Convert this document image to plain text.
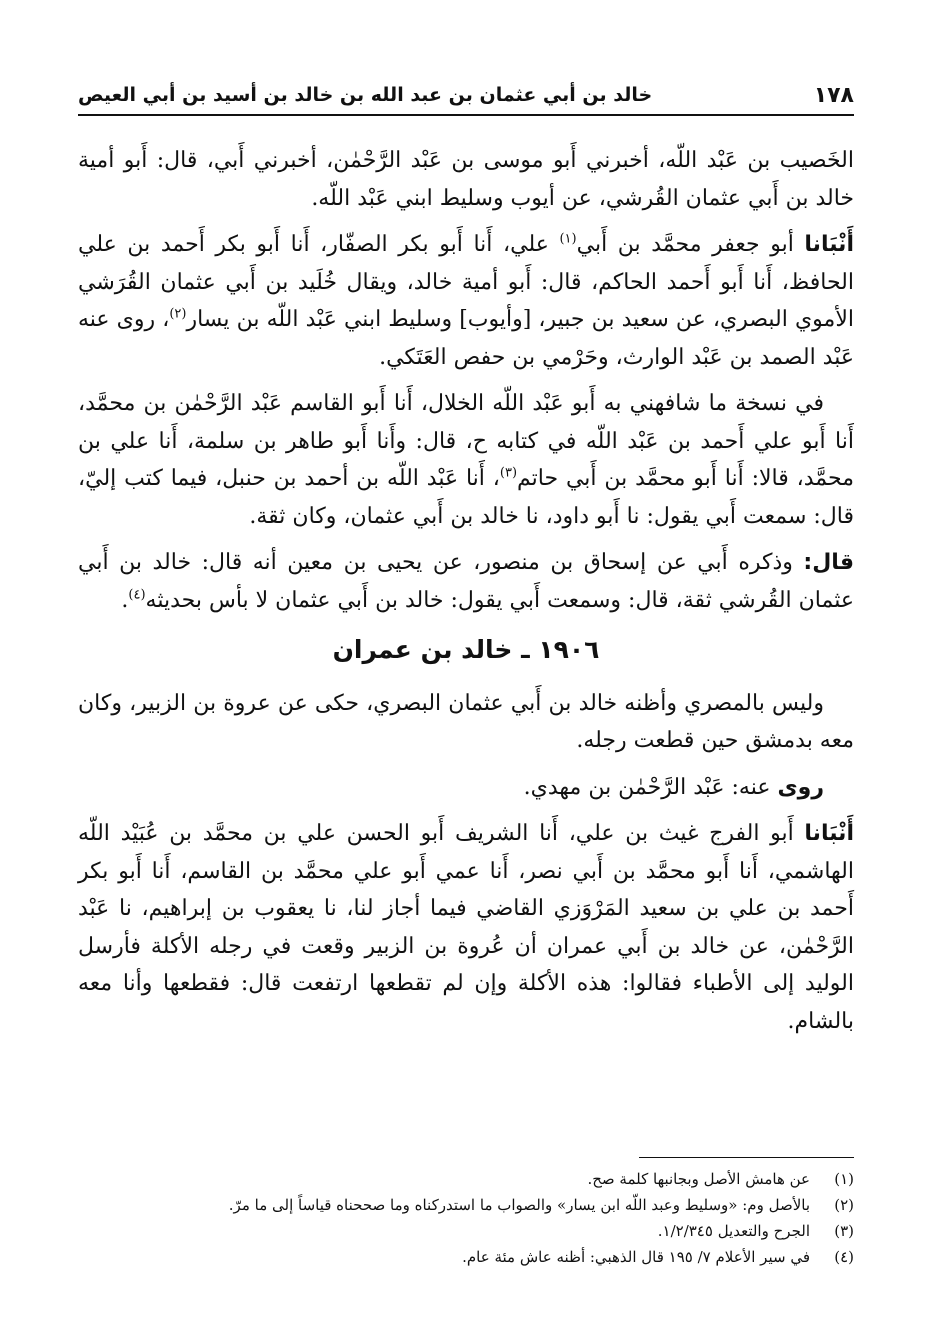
١٧٨
خالد بن أبي عثمان بن عبد الله بن خالد بن أسيد بن أبي العيص

الخَصيب بن عَبْد اللّه، أخبرني أَبو موسى بن عَبْد الرَّحْمٰن، أخبرني أَبي، قال: أَبو أمية خالد بن أَبي عثمان القُرشي، عن أيوب وسليط ابني عَبْد اللّه.

أَنْبَانا أبو جعفر محمَّد بن أَبي$^{(١)}$ علي، أَنا أَبو بكر الصفّار، أَنا أَبو بكر أَحمد بن علي الحافظ، أَنا أَبو أَحمد الحاكم، قال: أَبو أمية خالد، ويقال خُلَيد بن أَبي عثمان القُرَشي الأموي البصري، عن سعيد بن جبير، [وأيوب] وسليط ابني عَبْد اللّه بن يسار$^{(٢)}$، روى عنه عَبْد الصمد بن عَبْد الوارث، وحَرْمي بن حفص العَتَكي.

في نسخة ما شافهني به أَبو عَبْد اللّه الخلال، أَنا أَبو القاسم عَبْد الرَّحْمٰن بن محمَّد، أَنا أَبو علي أَحمد بن عَبْد اللّه في كتابه ح، قال: وأَنا أَبو طاهر بن سلمة، أَنا علي بن محمَّد، قالا: أَنا أَبو محمَّد بن أَبي حاتم$^{(٣)}$، أَنا عَبْد اللّه بن أحمد بن حنبل، فيما كتب إليّ، قال: سمعت أَبي يقول: نا أَبو داود، نا خالد بن أَبي عثمان، وكان ثقة.

قال: وذكره أَبي عن إسحاق بن منصور، عن يحيى بن معين أنه قال: خالد بن أَبي عثمان القُرشي ثقة، قال: وسمعت أَبي يقول: خالد بن أَبي عثمان لا بأس بحديثه$^{(٤)}$.

١٩٠٦ ـ خالد بن عمران

وليس بالمصري وأظنه خالد بن أَبي عثمان البصري، حكى عن عروة بن الزبير، وكان معه بدمشق حين قطعت رجله.

روى عنه: عَبْد الرَّحْمٰن بن مهدي.

أَنْبَانا أَبو الفرج غيث بن علي، أَنا الشريف أَبو الحسن علي بن محمَّد بن عُبَيْد اللّه الهاشمي، أَنا أَبو محمَّد بن أَبي نصر، أَنا عمي أَبو علي محمَّد بن القاسم، أَنا أَبو بكر أَحمد بن علي بن سعيد المَرْوَزي القاضي فيما أجاز لنا، نا يعقوب بن إبراهيم، نا عَبْد الرَّحْمٰن، عن خالد بن أَبي عمران أن عُروة بن الزبير وقعت في رجله الأكلة فأرسل الوليد إلى الأطباء فقالوا: هذه الأكلة وإن لم تقطعها ارتفعت قال: فقطعها وأنا معه بالشام.

(١)
عن هامش الأصل وبجانبها كلمة صح.
(٢)
بالأصل وم: «وسليط وعبد اللّه ابن يسار» والصواب ما استدركناه وما صححناه قياساً إلى ما مرّ.
(٣)
الجرح والتعديل ١/٢/٣٤٥.
(٤)
في سير الأعلام ٧/ ١٩٥ قال الذهبي: أظنه عاش مئة عام.
